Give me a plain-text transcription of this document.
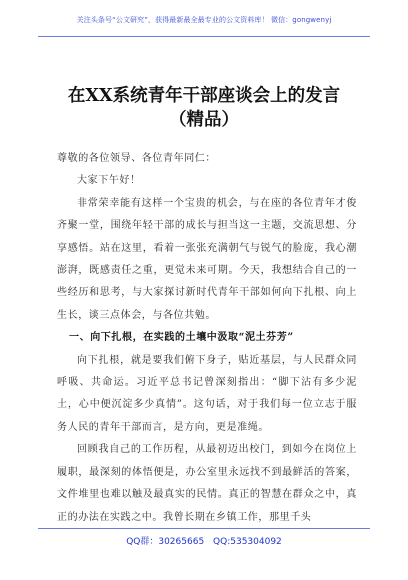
关注头条号“公文研究”，获得最新最全最专业的公文资料库！ 微信：gongwenyj
在XX系统青年干部座谈会上的发言
（精品）

尊敬的各位领导、各位青年同仁：

大家下午好！

非常荣幸能有这样一个宝贵的机会，与在座的各位青年才俊齐聚一堂，围绕年轻干部的成长与担当这一主题，交流思想、分享感悟。站在这里，看着一张张充满朝气与锐气的脸庞，我心潮澎湃，既感责任之重，更觉未来可期。今天，我想结合自己的一些经历和思考，与大家探讨新时代青年干部如何向下扎根、向上生长，谈三点体会，与各位共勉。

一、向下扎根，在实践的土壤中汲取“泥土芬芳”

向下扎根，就是要我们俯下身子，贴近基层，与人民群众同呼吸、共命运。习近平总书记曾深刻指出：“脚下沾有多少泥土，心中便沉淀多少真情”。这句话，对于我们每一位立志于服务人民的青年干部而言，是方向，更是准绳。

回顾我自己的工作历程，从最初迈出校门，到如今在岗位上履职，最深刻的体悟便是，办公室里永远找不到最鲜活的答案，文件堆里也难以触及最真实的民情。真正的智慧在群众之中，真正的办法在实践之中。我曾长期在乡镇工作，那里千头

QQ群：30265665 QQ:535304092
